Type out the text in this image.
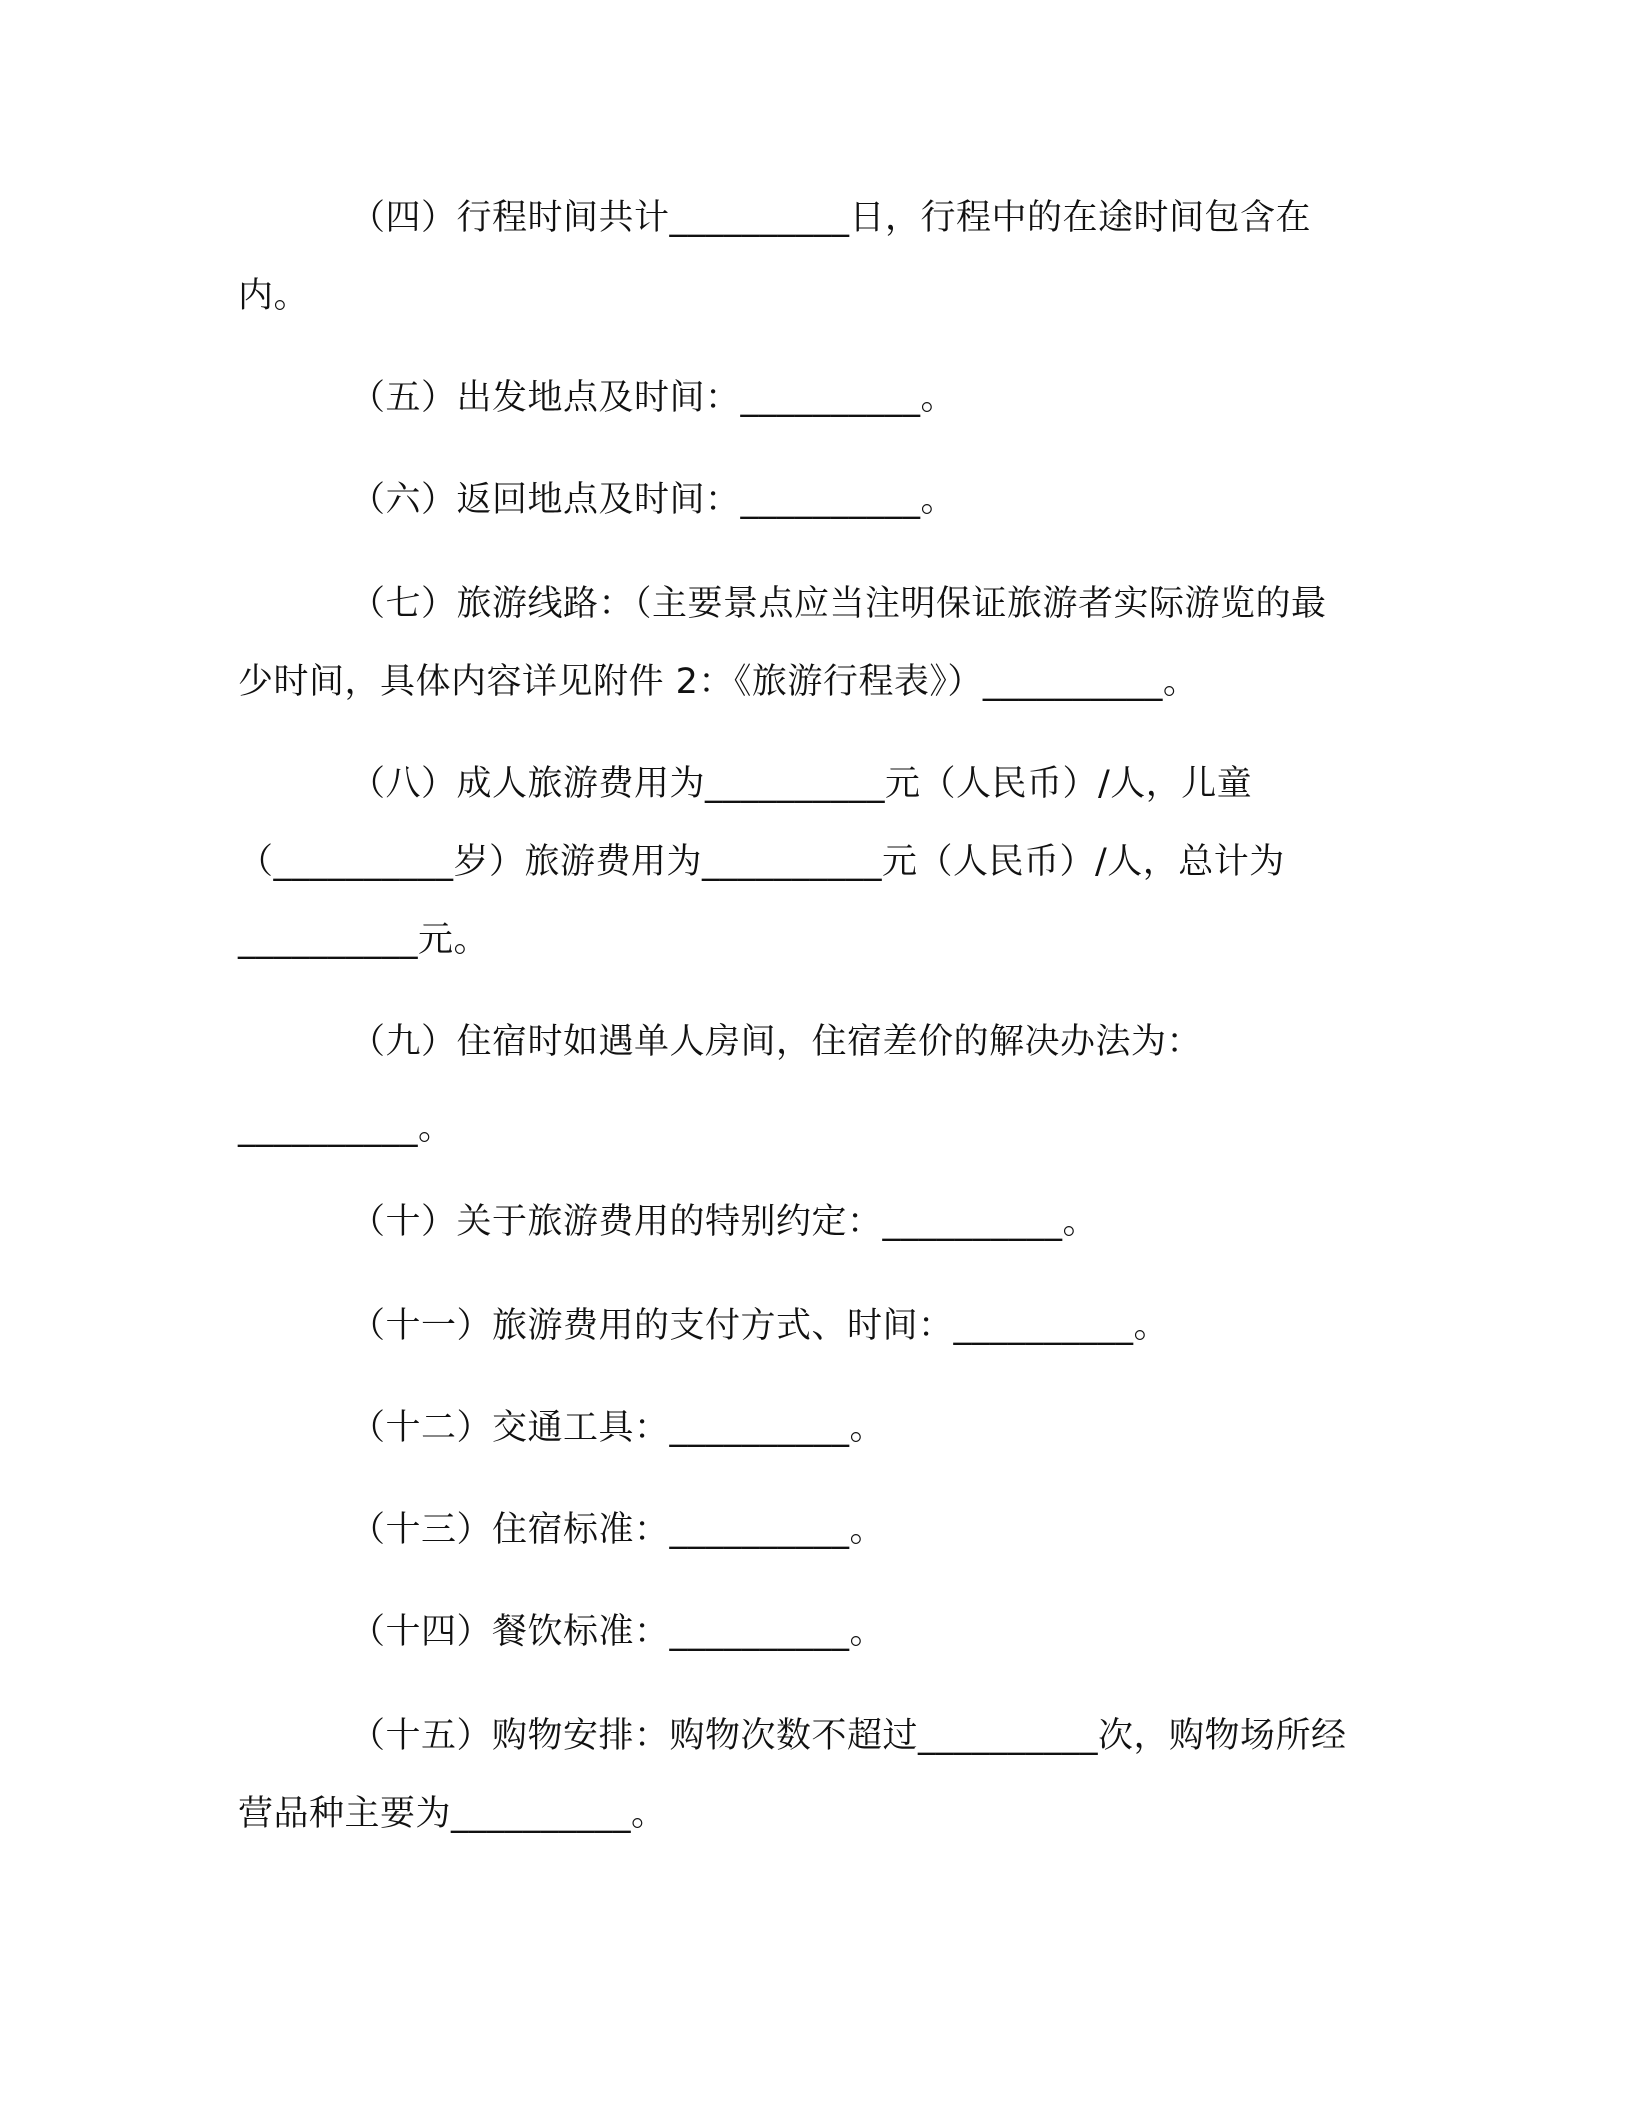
（四）行程时间共计__________日，行程中的在途时间包含在
内。
（五）出发地点及时间：__________。
（六）返回地点及时间：__________。
（七）旅游线路：（主要景点应当注明保证旅游者实际游览的最
少时间，具体内容详见附件 2：《旅游行程表》）__________。
（八）成人旅游费用为__________元（人民币）/人，儿童
（__________岁）旅游费用为__________元（人民币）/人，总计为
__________元。
（九）住宿时如遇单人房间，住宿差价的解决办法为：
__________。
（十）关于旅游费用的特别约定：__________。
（十一）旅游费用的支付方式、时间：__________。
（十二）交通工具：__________。
（十三）住宿标准：__________。
（十四）餐饮标准：__________。
（十五）购物安排：购物次数不超过__________次，购物场所经
营品种主要为__________。
